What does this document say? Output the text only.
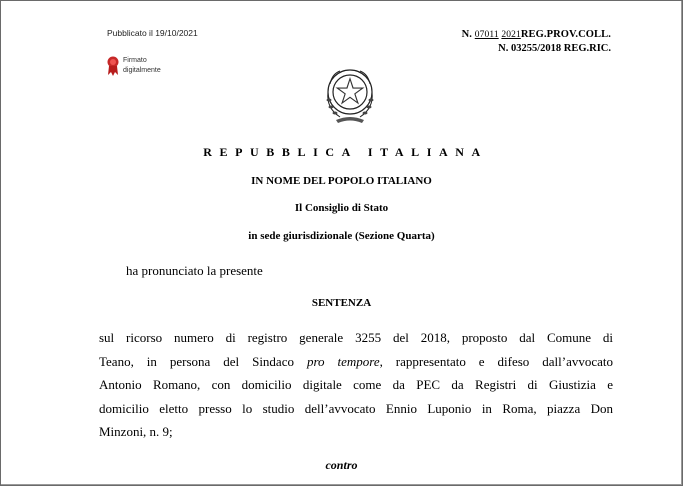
Pubblicato il 19/10/2021
Firmato
digitalmente
N. 07011 2021REG.PROV.COLL.
N. 03255/2018 REG.RIC.
REPUBBLICA ITALIANA
IN NOME DEL POPOLO ITALIANO
Il Consiglio di Stato
in sede giurisdizionale (Sezione Quarta)
ha pronunciato la presente
SENTENZA
sul ricorso numero di registro generale 3255 del 2018, proposto dal Comune di
Teano, in persona del Sindaco pro tempore, rappresentato e difeso dall’avvocato
Antonio Romano, con domicilio digitale come da PEC da Registri di Giustizia e
domicilio eletto presso lo studio dell’avvocato Ennio Luponio in Roma, piazza Don
Minzoni, n. 9;
contro
